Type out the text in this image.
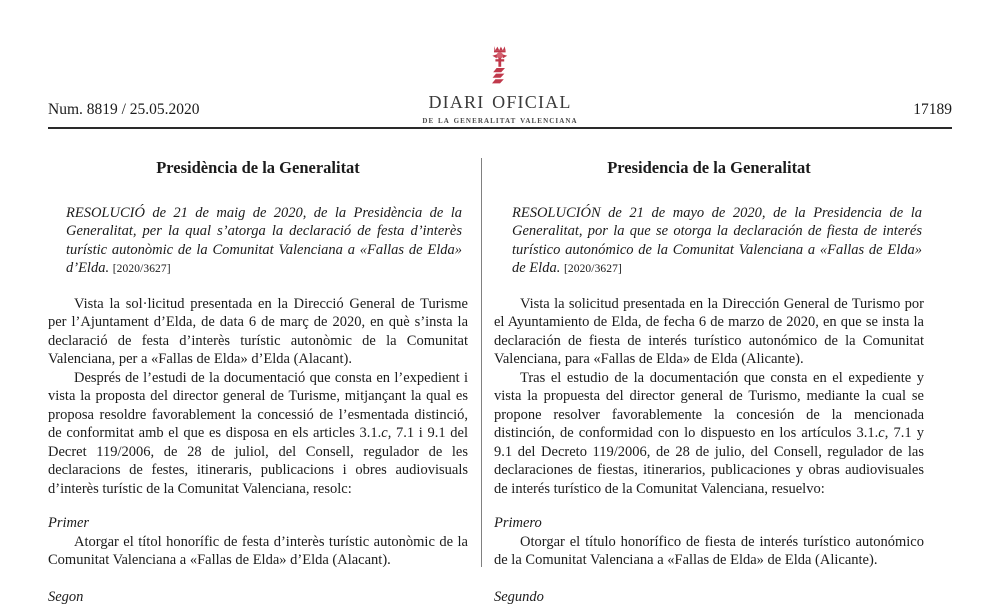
diari oficial
de la generalitat valenciana
Num. 8819 / 25.05.2020	17189
Presidència de la Generalitat

RESOLUCIÓ de 21 de maig de 2020, de la Presidència de la Generalitat, per la qual s’atorga la declaració de festa d’interès turístic autonòmic de la Comunitat Valenciana a «Fallas de Elda» d’Elda. [2020/3627]

Vista la sol·licitud presentada en la Direcció General de Turisme per l’Ajuntament d’Elda, de data 6 de març de 2020, en què s’insta la declaració de festa d’interès turístic autonòmic de la Comunitat Valenciana, per a «Fallas de Elda» d’Elda (Alacant).

Després de l’estudi de la documentació que consta en l’expedient i vista la proposta del director general de Turisme, mitjançant la qual es proposa resoldre favorablement la concessió de l’esmentada distinció, de conformitat amb el que es disposa en els articles 3.1.c, 7.1 i 9.1 del Decret 119/2006, de 28 de juliol, del Consell, regulador de les declaracions de festes, itineraris, publicacions i obres audiovisuals d’interès turístic de la Comunitat Valenciana, resolc:

Primer

Atorgar el títol honorífic de festa d’interès turístic autonòmic de la Comunitat Valenciana a «Fallas de Elda» d’Elda (Alacant).

Segon

Presidencia de la Generalitat

RESOLUCIÓN de 21 de mayo de 2020, de la Presidencia de la Generalitat, por la que se otorga la declaración de fiesta de interés turístico autonómico de la Comunitat Valenciana a «Fallas de Elda» de Elda. [2020/3627]

Vista la solicitud presentada en la Dirección General de Turismo por el Ayuntamiento de Elda, de fecha 6 de marzo de 2020, en que se insta la declaración de fiesta de interés turístico autonómico de la Comunitat Valenciana, para «Fallas de Elda» de Elda (Alicante).

Tras el estudio de la documentación que consta en el expediente y vista la propuesta del director general de Turismo, mediante la cual se propone resolver favorablemente la concesión de la mencionada distinción, de conformidad con lo dispuesto en los artículos 3.1.c, 7.1 y 9.1 del Decreto 119/2006, de 28 de julio, del Consell, regulador de las declaraciones de fiestas, itinerarios, publicaciones y obras audiovisuales de interés turístico de la Comunitat Valenciana, resuelvo:

Primero

Otorgar el título honorífico de fiesta de interés turístico autonómico de la Comunitat Valenciana a «Fallas de Elda» de Elda (Alicante).

Segundo
